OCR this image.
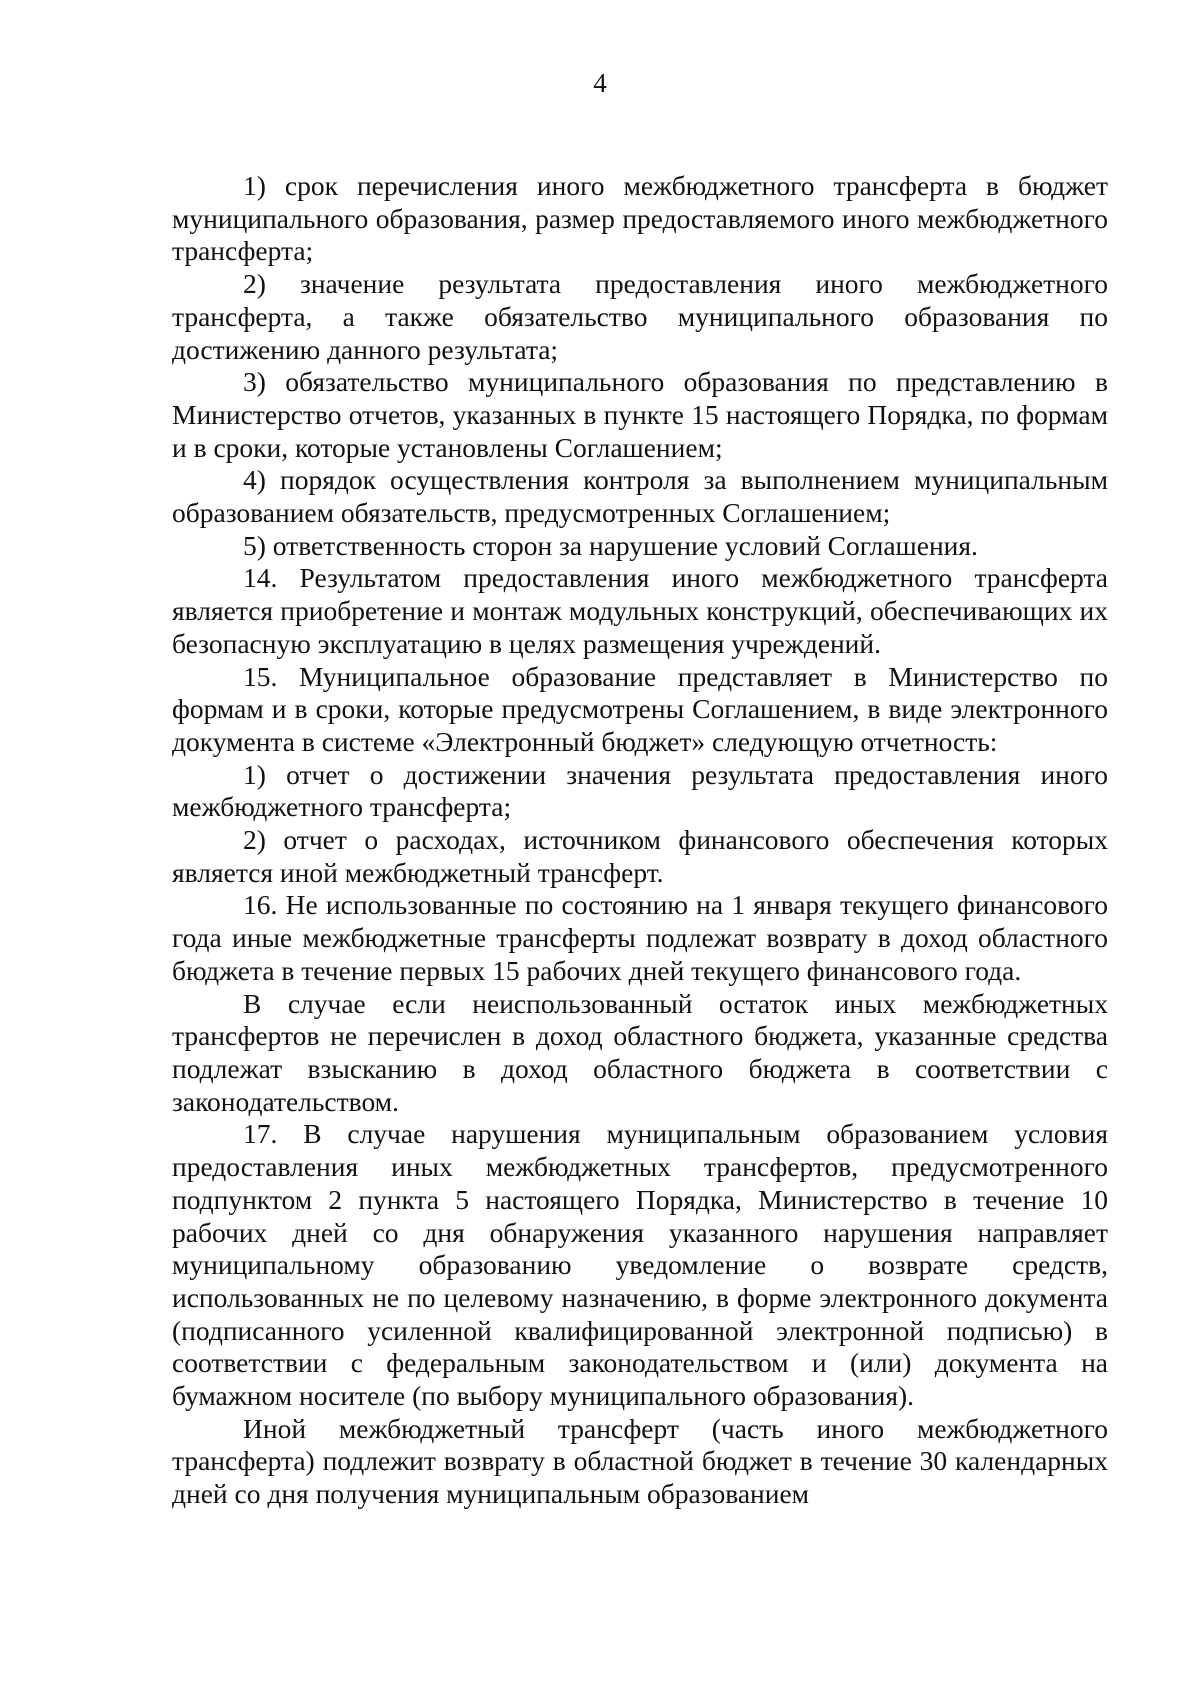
4

1) срок перечисления иного межбюджетного трансферта в бюджет муниципального образования, размер предоставляемого иного межбюджетного трансферта;

2) значение результата предоставления иного межбюджетного трансферта, а также обязательство муниципального образования по достижению данного результата;

3) обязательство муниципального образования по представлению в Министерство отчетов, указанных в пункте 15 настоящего Порядка, по формам и в сроки, которые установлены Соглашением;

4) порядок осуществления контроля за выполнением муниципальным образованием обязательств, предусмотренных Соглашением;

5) ответственность сторон за нарушение условий Соглашения.

14. Результатом предоставления иного межбюджетного трансферта является приобретение и монтаж модульных конструкций, обеспечивающих их безопасную эксплуатацию в целях размещения учреждений.

15. Муниципальное образование представляет в Министерство по формам и в сроки, которые предусмотрены Соглашением, в виде электронного документа в системе «Электронный бюджет» следующую отчетность:

1) отчет о достижении значения результата предоставления иного межбюджетного трансферта;

2) отчет о расходах, источником финансового обеспечения которых является иной межбюджетный трансферт.

16. Не использованные по состоянию на 1 января текущего финансового года иные межбюджетные трансферты подлежат возврату в доход областного бюджета в течение первых 15 рабочих дней текущего финансового года.

В случае если неиспользованный остаток иных межбюджетных трансфертов не перечислен в доход областного бюджета, указанные средства подлежат взысканию в доход областного бюджета в соответствии с законодательством.

17. В случае нарушения муниципальным образованием условия предоставления иных межбюджетных трансфертов, предусмотренного подпунктом 2 пункта 5 настоящего Порядка, Министерство в течение 10 рабочих дней со дня обнаружения указанного нарушения направляет муниципальному образованию уведомление о возврате средств, использованных не по целевому назначению, в форме электронного документа (подписанного усиленной квалифицированной электронной подписью) в соответствии с федеральным законодательством и (или) документа на бумажном носителе (по выбору муниципального образования).

Иной межбюджетный трансферт (часть иного межбюджетного трансферта) подлежит возврату в областной бюджет в течение 30 календарных дней со дня получения муниципальным образованием
